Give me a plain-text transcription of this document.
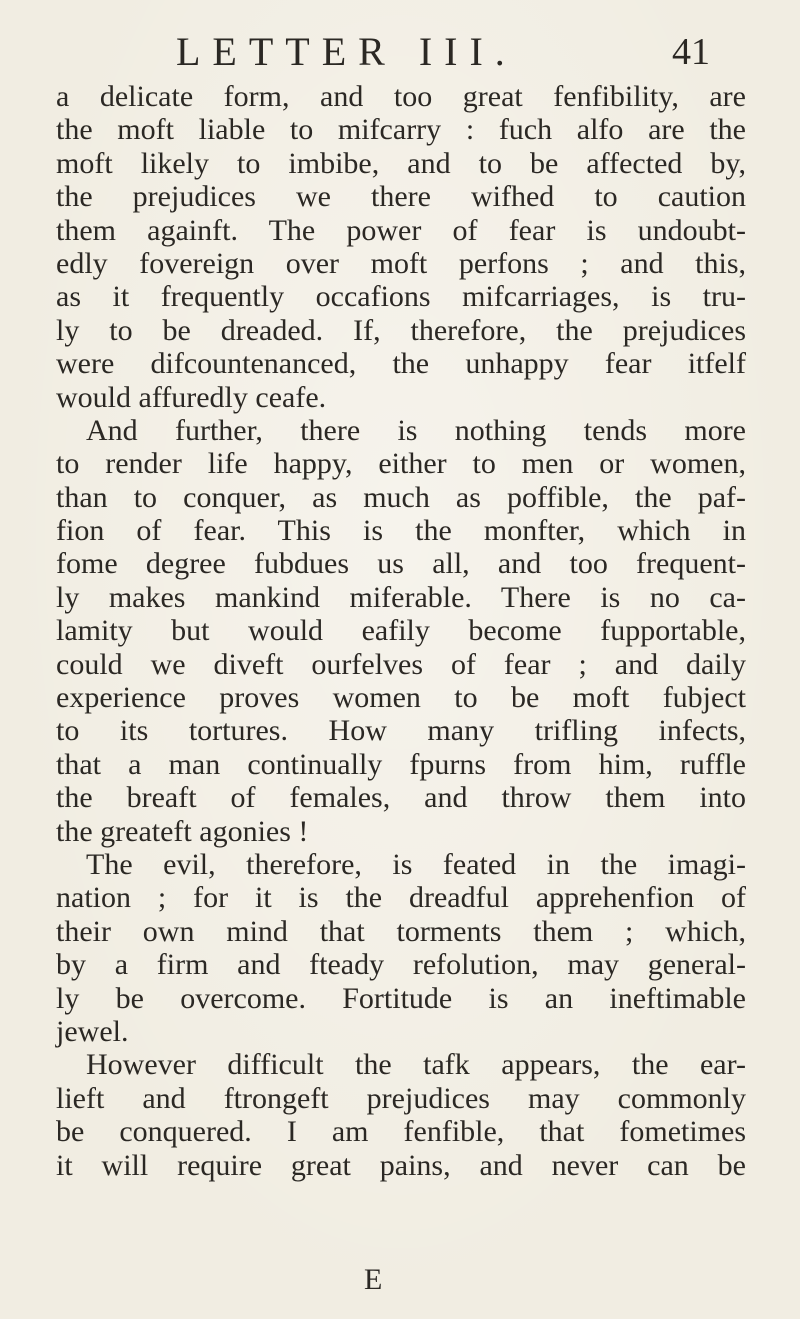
LETTER III.	41
a delicate form, and too great fenfibility, are
the moft liable to mifcarry : fuch alfo are the
moft likely to imbibe, and to be affected by,
the prejudices we there wifhed to caution
them againft. The power of fear is undoubt-
edly fovereign over moft perfons ; and this,
as it frequently occafions mifcarriages, is tru-
ly to be dreaded. If, therefore, the prejudices
were difcountenanced, the unhappy fear itfelf
would affuredly ceafe.
And further, there is nothing tends more
to render life happy, either to men or women,
than to conquer, as much as poffible, the paf-
fion of fear. This is the monfter, which in
fome degree fubdues us all, and too frequent-
ly makes mankind miferable. There is no ca-
lamity but would eafily become fupportable,
could we diveft ourfelves of fear ; and daily
experience proves women to be moft fubject
to its tortures. How many trifling infects,
that a man continually fpurns from him, ruffle
the breaft of females, and throw them into
the greateft agonies !
The evil, therefore, is feated in the imagi-
nation ; for it is the dreadful apprehenfion of
their own mind that torments them ; which,
by a firm and fteady refolution, may general-
ly be overcome. Fortitude is an ineftimable
jewel.
However difficult the tafk appears, the ear-
lieft and ftrongeft prejudices may commonly
be conquered. I am fenfible, that fometimes
it will require great pains, and never can be
E
